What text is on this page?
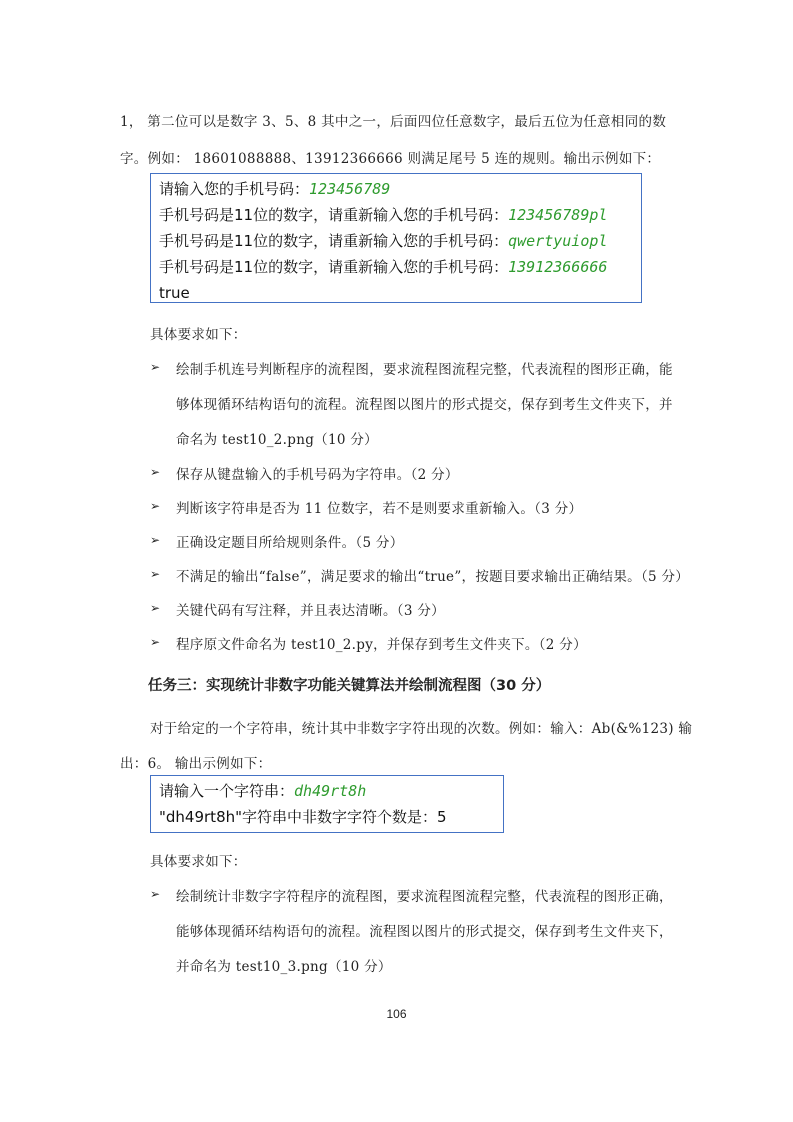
1， 第二位可以是数字 3、5、8 其中之一，后面四位任意数字，最后五位为任意相同的数
字。例如： 18601088888、13912366666 则满足尾号 5 连的规则。输出示例如下：
请输入您的手机号码：123456789
手机号码是11位的数字，请重新输入您的手机号码：123456789pl
手机号码是11位的数字，请重新输入您的手机号码：qwertyuiopl
手机号码是11位的数字，请重新输入您的手机号码：13912366666
true
具体要求如下：
➢ 绘制手机连号判断程序的流程图，要求流程图流程完整，代表流程的图形正确，能
够体现循环结构语句的流程。流程图以图片的形式提交，保存到考生文件夹下，并
命名为 test10_2.png（10 分）
➢ 保存从键盘输入的手机号码为字符串。（2 分）
➢ 判断该字符串是否为 11 位数字，若不是则要求重新输入。（3 分）
➢ 正确设定题目所给规则条件。（5 分）
➢ 不满足的输出“false”，满足要求的输出“true”，按题目要求输出正确结果。（5 分）
➢ 关键代码有写注释，并且表达清晰。（3 分）
➢ 程序原文件命名为 test10_2.py，并保存到考生文件夹下。（2 分）
任务三：实现统计非数字功能关键算法并绘制流程图（30 分）
对于给定的一个字符串，统计其中非数字字符出现的次数。例如：输入：Ab(&%123) 输
出：6。 输出示例如下：
请输入一个字符串：dh49rt8h
"dh49rt8h"字符串中非数字字符个数是：5
具体要求如下：
➢ 绘制统计非数字字符程序的流程图，要求流程图流程完整，代表流程的图形正确，
能够体现循环结构语句的流程。流程图以图片的形式提交，保存到考生文件夹下，
并命名为 test10_3.png（10 分）
106
